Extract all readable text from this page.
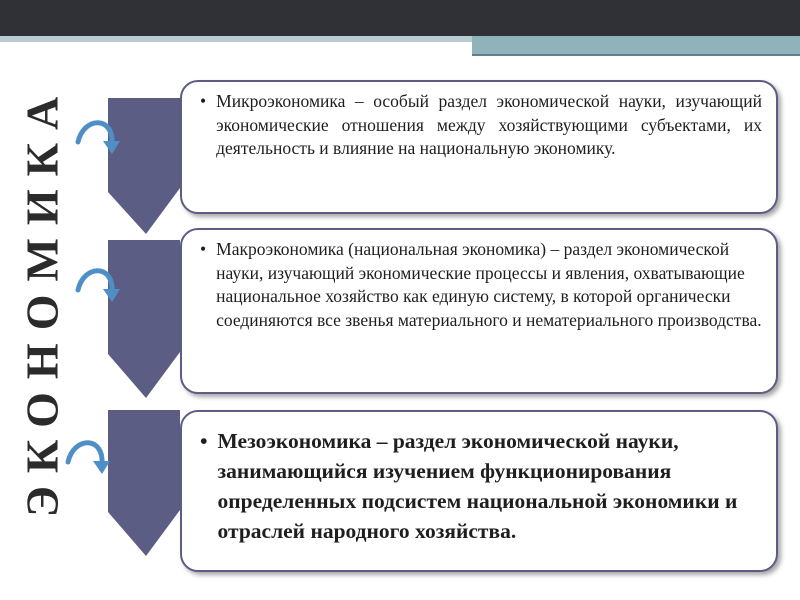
ЭКОНОМИКА	• Микроэкономика – особый раздел экономической науки, изучающий экономические отношения между хозяйствующими субъектами, их деятельность и влияние на национальную экономику.
• Макроэкономика (национальная экономика) – раздел экономической науки, изучающий экономические процессы и явления, охватывающие национальное хозяйство как единую систему, в которой органически соединяются все звенья материального и нематериального производства.
• Мезоэкономика – раздел экономической науки, занимающийся изучением функционирования определенных подсистем национальной экономики и отраслей народного хозяйства.
